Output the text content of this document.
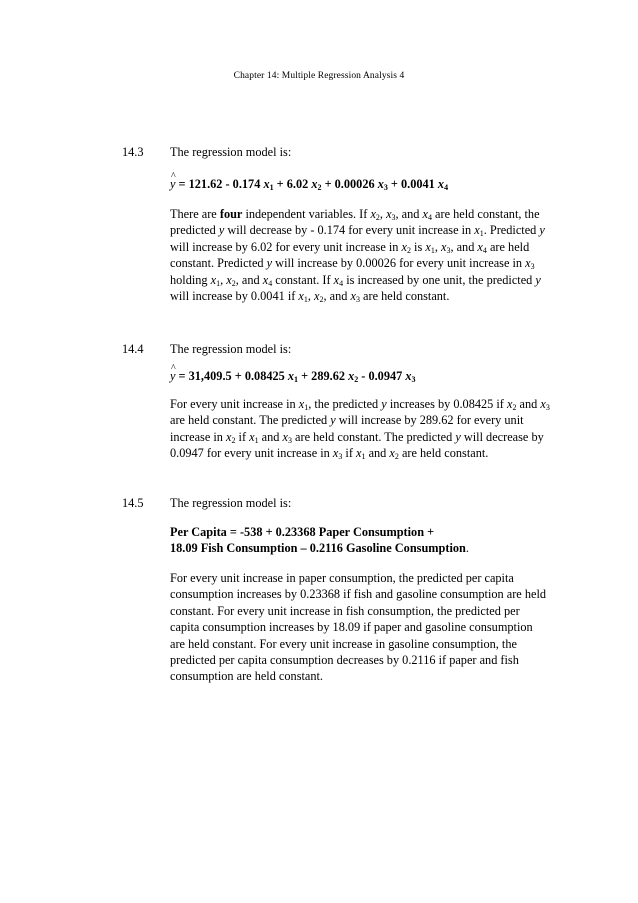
Chapter 14: Multiple Regression Analysis 4
14.3 The regression model is:
^ y = 121.62 - 0.174 $x_1 + 6.02$ $x_2 + 0.00026$ $x_3 + 0.0041$ $x_4$
There are four independent variables. If $x_2$, $x_3$, and $x_4$ are held constant, the predicted y will decrease by - 0.174 for every unit increase in $x_1$. Predicted y will increase by 6.02 for every unit increase in $x_2$ is $x_1$, $x_3$, and $x_4$ are held constant. Predicted y will increase by 0.00026 for every unit increase in $x_3$ holding $x_1$, $x_2$, and $x_4$ constant. If $x_4$ is increased by one unit, the predicted y will increase by 0.0041 if $x_1$, $x_2$, and $x_3$ are held constant.
14.4 The regression model is:
^ y = 31,409.5 + 0.08425 $x_1 + 289.62$ $x_2 - 0.0947$ $x_3$
For every unit increase in $x_1$, the predicted y increases by 0.08425 if $x_2$ and $x_3$ are held constant. The predicted y will increase by 289.62 for every unit increase in $x_2$ if $x_1$ and $x_3$ are held constant. The predicted y will decrease by 0.0947 for every unit increase in $x_3$ if $x_1$ and $x_2$ are held constant.
14.5 The regression model is:
Per Capita = -538 + 0.23368 Paper Consumption +
18.09 Fish Consumption – 0.2116 Gasoline Consumption.
For every unit increase in paper consumption, the predicted per capita consumption increases by 0.23368 if fish and gasoline consumption are held constant. For every unit increase in fish consumption, the predicted per capita consumption increases by 18.09 if paper and gasoline consumption are held constant. For every unit increase in gasoline consumption, the predicted per capita consumption decreases by 0.2116 if paper and fish consumption are held constant.
